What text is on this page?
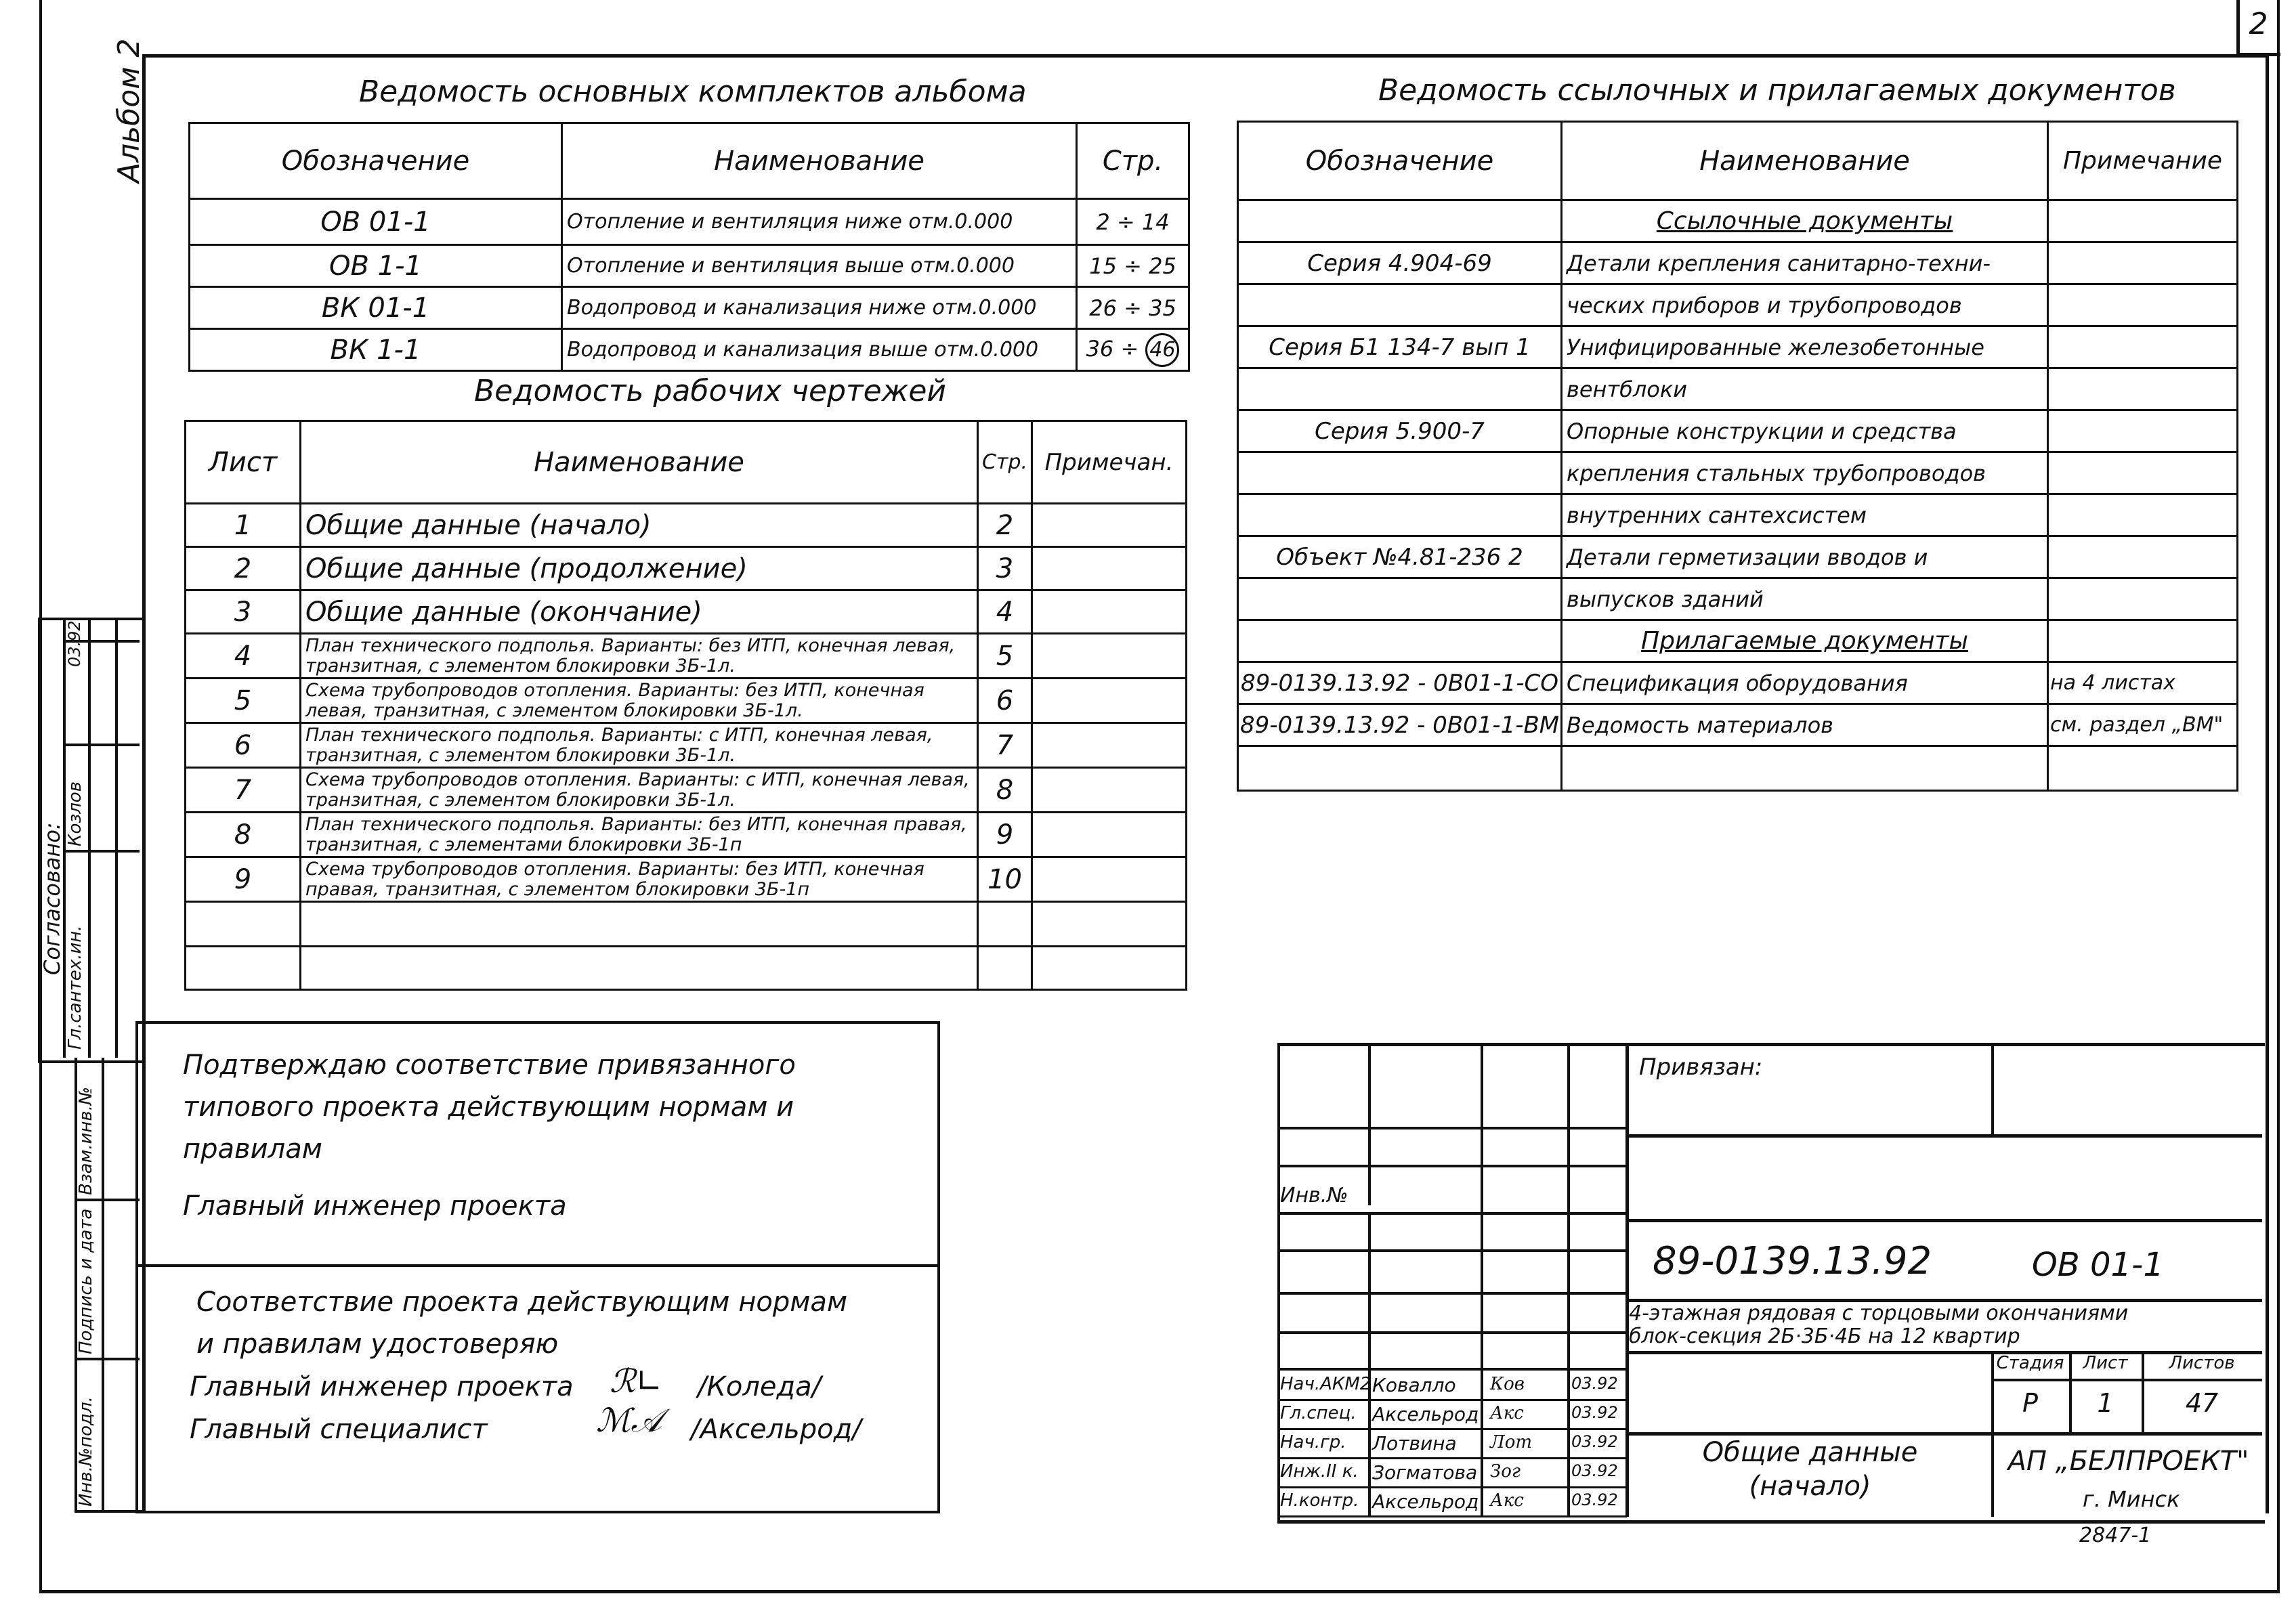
2
Альбом 2	Ведомость основных комплектов альбома
Обозначение	Наименование	Стр.
ОВ 01-1	Отопление и вентиляция ниже отм.0.000	2 ÷ 14
ОВ 1-1	Отопление и вентиляция выше отм.0.000	15 ÷ 25
ВК 01-1	Водопровод и канализация ниже отм.0.000	26 ÷ 35
ВК 1-1	Водопровод и канализация выше отм.0.000	36 ÷ 46
Ведомость рабочих чертежей
Лист	Наименование	Стр.	Примечан.
1	Общие данные (начало)	2	
2	Общие данные (продолжение)	3	
3	Общие данные (окончание)	4	
4	План технического подполья. Варианты: без ИТП, конечная левая, транзитная, с элементом блокировки 3Б-1л.	5	
5	Схема трубопроводов отопления. Варианты: без ИТП, конечная левая, транзитная, с элементом блокировки 3Б-1л.	6	
6	План технического подполья. Варианты: с ИТП, конечная левая, транзитная, с элементом блокировки 3Б-1л.	7	
7	Схема трубопроводов отопления. Варианты: с ИТП, конечная левая, транзитная, с элементом блокировки 3Б-1л.	8	
8	План технического подполья. Варианты: без ИТП, конечная правая, транзитная, с элементами блокировки 3Б-1п	9	
9	Схема трубопроводов отопления. Варианты: без ИТП, конечная правая, транзитная, с элементом блокировки 3Б-1п	10	

Ведомость ссылочных и прилагаемых документов
Обозначение	Наименование	Примечание
	Ссылочные документы	
Серия 4.904-69	Детали крепления санитарно-техни-	
	ческих приборов и трубопроводов	
Серия Б1 134-7 вып 1	Унифицированные железобетонные	
	вентблоки	
Серия 5.900-7	Опорные конструкции и средства	
	крепления стальных трубопроводов	
	внутренних сантехсистем	
Объект №4.81-236 2	Детали герметизации вводов и	
	выпусков зданий	
	Прилагаемые документы	
89-0139.13.92 - 0В01-1-СО	Спецификация оборудования	на 4 листах
89-0139.13.92 - 0В01-1-ВМ	Ведомость материалов	см. раздел „ВМ"

Подтверждаю соответствие привязанного
типового проекта действующим нормам и
правилам
Главный инженер проекта
Соответствие проекта действующим нормам
и правилам удостоверяю
Главный инженер проекта ℛ∟ /Коледа/
Главный специалист	ℳ𝒜 /Аксельрод/
Согласовано:
Гл.сантех.ин.
Козлов
03.92
Взам.инв.№
Подпись и дата
Инв.№подл.
Нач.АКМ2 Ковалло Ков	03.92
Гл.спец. Аксельрод Акс	03.92
Нач.гр. Лотвина Лот 03.92
Инж.II к. Зогматова Зог	03.92
Н.контр. Аксельрод Акс	03.92
Инв.№
Привязан:
89-0139.13.92	ОВ 01-1
4-этажная рядовая с торцовыми окончаниями
блок-секция 2Б·3Б·4Б на 12 квартир
Стадия	Лист	Листов
Р	1	47
Общие данные
(начало)
АП „БЕЛПРОЕКТ"
г. Минск
2847-1
